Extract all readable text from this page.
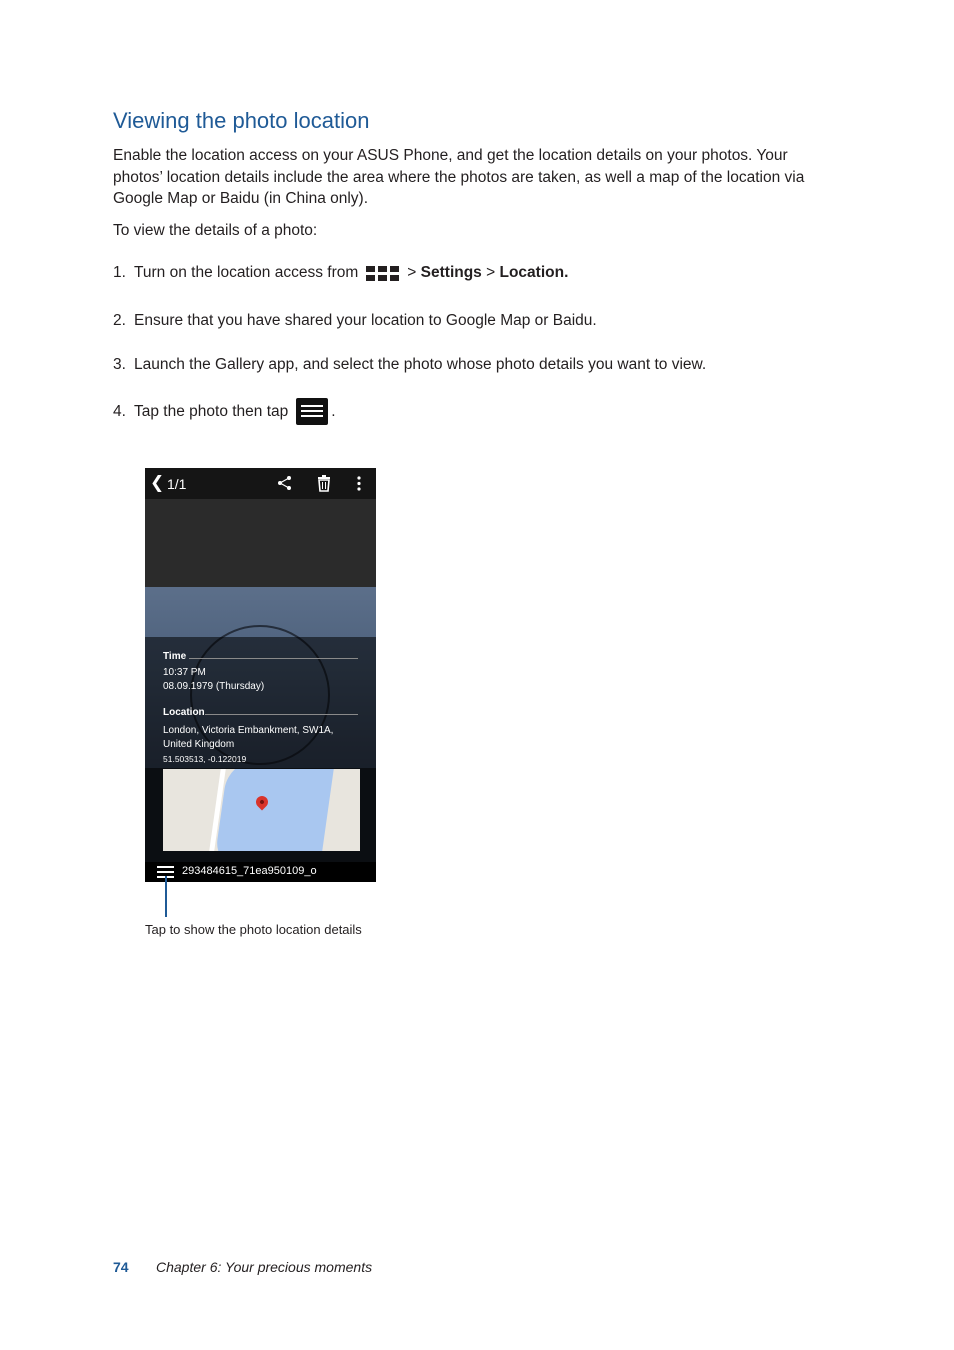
Viewing the photo location

Enable the location access on your ASUS Phone, and get the location details on your photos. Your photos’ location details include the area where the photos are taken, as well a map of the location via Google Map or Baidu (in China only).

To view the details of a photo:

1. Turn on the location access from	>
Settings
>
Location.
2. Ensure that you have shared your location to Google Map or Baidu.
3. Launch the Gallery app, and select the photo whose photo details you want to view.
4. Tap the photo then tap	.
❮ 1/1
Time
10:37 PM
08.09.1979 (Thursday)
Location
London, Victoria Embankment, SW1A,
United Kingdom
51.503513, -0.122019
293484615_71ea950109_o

Tap to show the photo location details

74	Chapter 6: Your precious moments
